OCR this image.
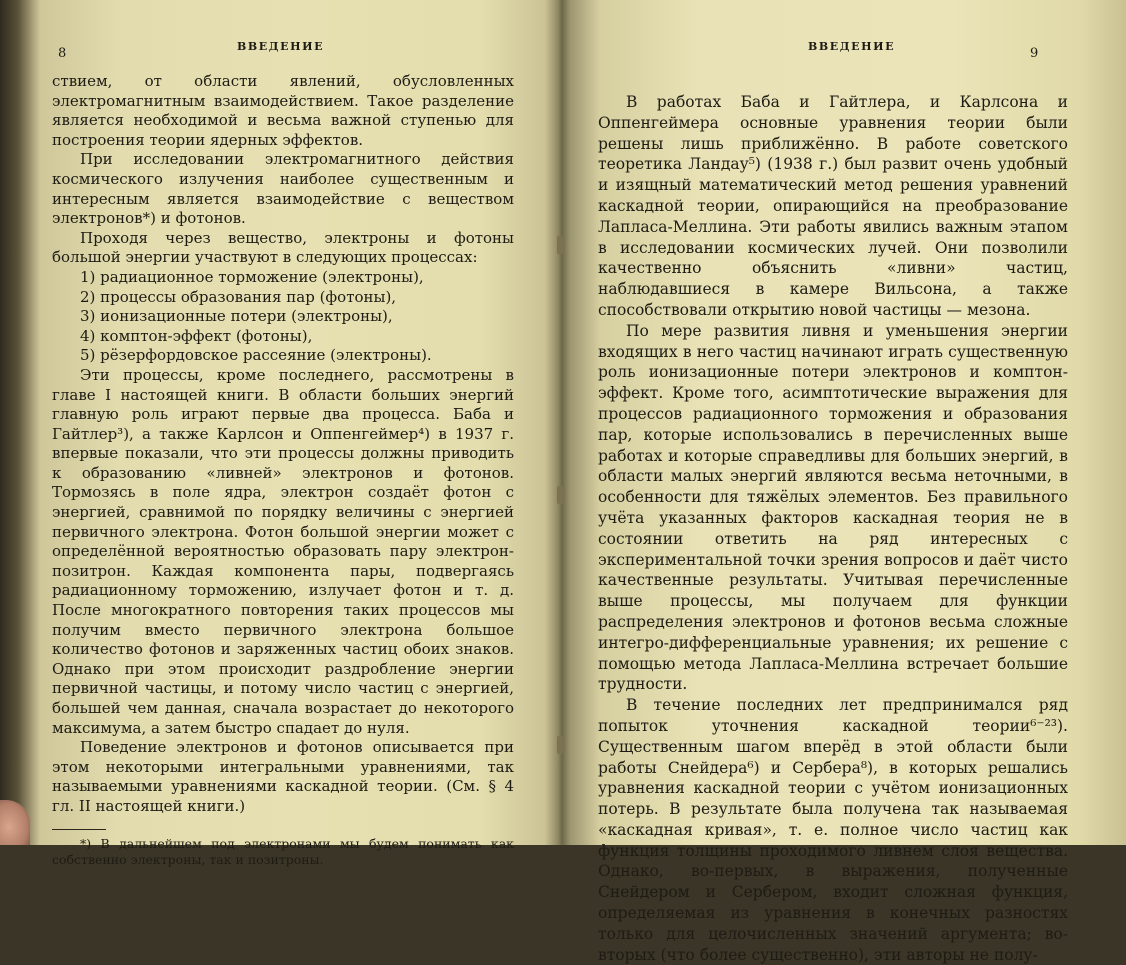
8	ВВЕДЕНИЕ

ствием, от области явлений, обусловленных электромагнитным взаимодействием. Такое разделение является необходимой и весьма важной ступенью для построения теории ядерных эффектов.

При исследовании электромагнитного действия космического излучения наиболее существенным и интересным является взаимодействие с веществом электронов*) и фотонов.

Проходя через вещество, электроны и фотоны большой энергии участвуют в следующих процессах:

1) радиационное торможение (электроны),
2) процессы образования пар (фотоны),
3) ионизационные потери (электроны),
4) комптон-эффект (фотоны),
5) рёзерфордовское рассеяние (электроны).

Эти процессы, кроме последнего, рассмотрены в главе I настоящей книги. В области больших энергий главную роль играют первые два процесса. Баба и Гайтлер³), а также Карлсон и Оппенгеймер⁴) в 1937 г. впервые показали, что эти процессы должны приводить к образованию «ливней» электронов и фотонов. Тормозясь в поле ядра, электрон создаёт фотон с энергией, сравнимой по порядку величины с энергией первичного электрона. Фотон большой энергии может с определённой вероятностью образовать пару электрон-позитрон. Каждая компонента пары, подвергаясь радиационному торможению, излучает фотон и т. д. После многократного повторения таких процессов мы получим вместо первичного электрона большое количество фотонов и заряженных частиц обоих знаков. Однако при этом происходит раздробление энергии первичной частицы, и потому число частиц с энергией, большей чем данная, сначала возрастает до некоторого максимума, а затем быстро спадает до нуля.

Поведение электронов и фотонов описывается при этом некоторыми интегральными уравнениями, так называемыми уравнениями каскадной теории. (См. § 4 гл. II настоящей книги.)

*) В дальнейшем под электронами мы будем понимать как собственно электроны, так и позитроны.
ВВЕДЕНИЕ	9

В работах Баба и Гайтлера, и Карлсона и Оппенгеймера основные уравнения теории были решены лишь приближённо. В работе советского теоретика Ландау⁵) (1938 г.) был развит очень удобный и изящный математический метод решения уравнений каскадной теории, опирающийся на преобразование Лапласа-Меллина. Эти работы явились важным этапом в исследовании космических лучей. Они позволили качественно объяснить «ливни» частиц, наблюдавшиеся в камере Вильсона, а также способствовали открытию новой частицы — мезона.

По мере развития ливня и уменьшения энергии входящих в него частиц начинают играть существенную роль ионизационные потери электронов и комптон-эффект. Кроме того, асимптотические выражения для процессов радиационного торможения и образования пар, которые использовались в перечисленных выше работах и которые справедливы для больших энергий, в области малых энергий являются весьма неточными, в особенности для тяжёлых элементов. Без правильного учёта указанных факторов каскадная теория не в состоянии ответить на ряд интересных с экспериментальной точки зрения вопросов и даёт чисто качественные результаты. Учитывая перечисленные выше процессы, мы получаем для функции распределения электронов и фотонов весьма сложные интегро-дифференциальные уравнения; их решение с помощью метода Лапласа-Меллина встречает большие трудности.

В течение последних лет предпринимался ряд попыток уточнения каскадной теории⁶⁻²³). Существенным шагом вперёд в этой области были работы Снейдера⁶) и Сербера⁸), в которых решались уравнения каскадной теории с учётом ионизационных потерь. В результате была получена так называемая «каскадная кривая», т. е. полное число частиц как функция толщины проходимого ливнем слоя вещества. Однако, во-первых, в выражения, полученные Снейдером и Сербером, входит сложная функция, определяемая из уравнения в конечных разностях только для целочисленных значений аргумента; во-вторых (что более существенно), эти авторы не полу-
